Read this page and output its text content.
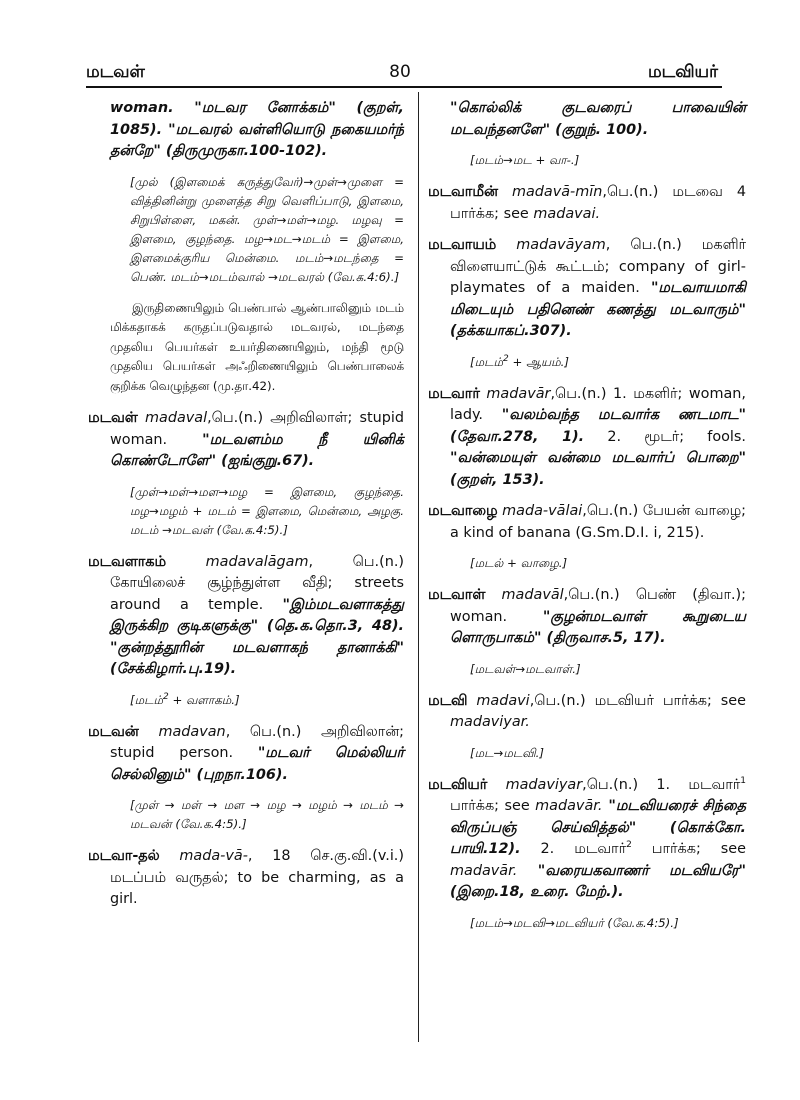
மடவள்	80	மடவியர்
woman. "மடவர னோக்கம்" (குறள், 1085). "மடவரல் வள்ளியொடு நகையமர்ந் தன்றே" (திருமுருகா.100-102).
[முல் (இளமைக் கருத்துவேர்)→முள்→முளை = வித்தினின்று முளைத்த சிறு வெளிப்பாடு, இளமை, சிறுபிள்ளை, மகன். முள்→மள்→மழ. மழவு = இளமை, குழந்தை. மழ→மட→மடம் = இளமை, இளமைக்குரிய மென்மை. மடம்→மடந்தை = பெண். மடம்→மடம்வால் →மடவரல் (வே.க.4:6).]
இருதிணையிலும் பெண்பால் ஆண்பாலினும் மடம் மிக்கதாகக் கருதப்படுவதால் மடவரல், மடந்தை முதலிய பெயர்கள் உயர்திணையிலும், மந்தி மூடு முதலிய பெயர்கள் அஃறிணையிலும் பெண்பாலைக் குறிக்க வெழுந்தன (மு.தா.42).
மடவள் madaval,பெ.(n.) அறிவிலாள்; stupid woman. "மடவளம்ம நீ யினிக் கொண்டோளே" (ஐங்குறு.67).
[முள்→மள்→மள→மழ = இளமை, குழந்தை. மழ→மழம் + மடம் = இளமை, மென்மை, அழகு. மடம் →மடவள் (வே.க.4:5).]
மடவளாகம்	madavalāgam, பெ.(n.) கோயிலைச் சூழ்ந்துள்ள வீதி; streets around a temple. "இம்மடவளாகத்து இருக்கிற குடிகளுக்கு" (தெ.க.தொ.3, 48). "குன்றத்தூரின் மடவளாகந் தானாக்கி" (சேக்கிழார்.பு.19).
[மடம்$^2$ + வளாகம்.]
மடவன் madavan, பெ.(n.) அறிவிலான்; stupid person. "மடவர் மெல்லியர் செல்லினும்" (புறநா.106).
[முள் → மள் → மள → மழ → மழம் → மடம் → மடவன் (வே.க.4:5).]
மடவா-தல் mada-vā-, 18 செ.கு.வி.(v.i.) மடப்பம் வருதல்; to be charming, as a girl.
"கொல்லிக் குடவரைப் பாவையின் மடவந்தனளே" (குறுந். 100).
[மடம்→மட + வா-.]
மடவாமீன் madavā-mīn,பெ.(n.) மடவை 4 பார்க்க; see madavai.
மடவாயம் madavāyam, பெ.(n.) மகளிர் விளையாட்டுக் கூட்டம்; company of girl-playmates of a maiden. "மடவாயமாகி மிடையும் பதினெண் கணத்து மடவாரும்" (தக்கயாகப்.307).
[மடம்$^2$ + ஆயம்.]
மடவார் madavār,பெ.(n.) 1. மகளிர்; woman, lady. "வலம்வந்த மடவார்க ணடமாட" (தேவா.278, 1). 2. மூடர்; fools. "வன்மையுள் வன்மை மடவார்ப் பொறை" (குறள், 153).
மடவாழை mada-vālai,பெ.(n.) பேயன் வாழை; a kind of banana (G.Sm.D.I. i, 215).
[மடல் + வாழை.]
மடவாள் madavāl,பெ.(n.) பெண் (திவா.); woman. "குழன்மடவாள் கூறுடைய ளொருபாகம்" (திருவாச.5, 17).
[மடவள்→மடவாள்.]
மடவி madavi,பெ.(n.) மடவியர் பார்க்க; see madaviyar.
[மட→மடவி.]
மடவியர் madaviyar,பெ.(n.) 1. மடவார்$^1$ பார்க்க; see madavār. "மடவியரைச் சிந்தை விருப்பஞ் செய்வித்தல்" (கொக்கோ. பாயி.12). 2. மடவார்$^2$ பார்க்க; see madavār. "வரையகவாணர் மடவியரே" (இறை.18, உரை. மேற்.).
[மடம்→மடவி→மடவியர் (வே.க.4:5).]
